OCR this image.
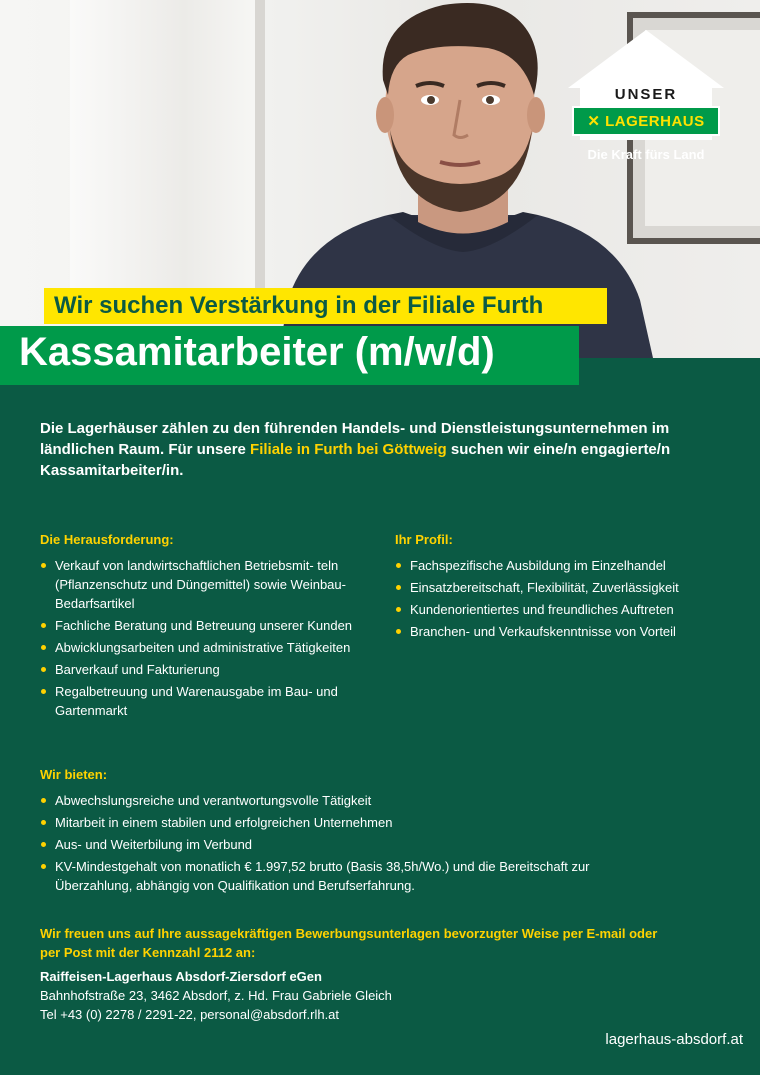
UNSER
✕ LAGERHAUS
Die Kraft fürs Land
Wir suchen Verstärkung in der Filiale Furth
Kassamitarbeiter (m/w/d)
Die Lagerhäuser zählen zu den führenden Handels- und Dienstleistungsunternehmen im ländlichen Raum. Für unsere Filiale in Furth bei Göttweig suchen wir eine/n engagierte/n Kassamitarbeiter/in.
Die Herausforderung:
Verkauf von landwirtschaftlichen Betriebsmit- teln (Pflanzenschutz und Düngemittel) sowie Weinbau-Bedarfsartikel
Fachliche Beratung und Betreuung unserer Kunden
Abwicklungsarbeiten und administrative Tätigkeiten
Barverkauf und Fakturierung
Regalbetreuung und Warenausgabe im Bau- und Gartenmarkt
Ihr Profil:
Fachspezifische Ausbildung im Einzelhandel
Einsatzbereitschaft, Flexibilität, Zuverlässigkeit
Kundenorientiertes und freundliches Auftreten
Branchen- und Verkaufskenntnisse von Vorteil
Wir bieten:
Abwechslungsreiche und verantwortungsvolle Tätigkeit
Mitarbeit in einem stabilen und erfolgreichen Unternehmen
Aus- und Weiterbilung im Verbund
KV-Mindestgehalt von monatlich € 1.997,52 brutto (Basis 38,5h/Wo.) und die Bereitschaft zur Überzahlung, abhängig von Qualifikation und Berufserfahrung.
Wir freuen uns auf Ihre aussagekräftigen Bewerbungsunterlagen bevorzugter Weise per E-mail oder per Post mit der Kennzahl 2112 an:
Raiffeisen-Lagerhaus Absdorf-Ziersdorf eGen
Bahnhofstraße 23, 3462 Absdorf, z. Hd. Frau Gabriele Gleich
Tel +43 (0) 2278 / 2291-22, personal@absdorf.rlh.at
lagerhaus-absdorf.at
